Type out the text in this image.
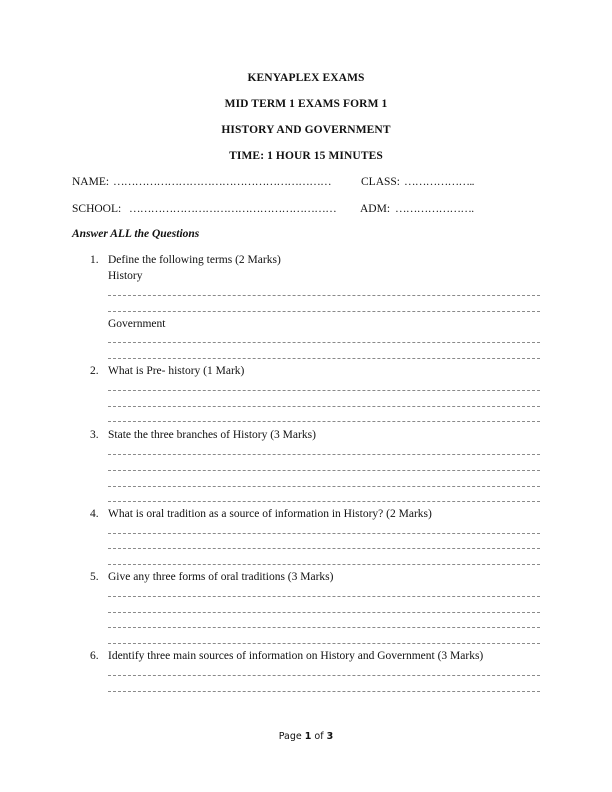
KENYAPLEX EXAMS
MID TERM 1 EXAMS FORM 1
HISTORY AND GOVERNMENT
TIME: 1 HOUR 15 MINUTES
NAME: ……………………………………………………	CLASS: ………………..
SCHOOL: ………………………………………………… ADM: ………………….
Answer ALL the Questions
1. Define the following terms (2 Marks)
History
Government
2. What is Pre- history (1 Mark)
3. State the three branches of History (3 Marks)
4. What is oral tradition as a source of information in History? (2 Marks)
5. Give any three forms of oral traditions (3 Marks)
6. Identify three main sources of information on History and Government (3 Marks)
Page 1 of 3
